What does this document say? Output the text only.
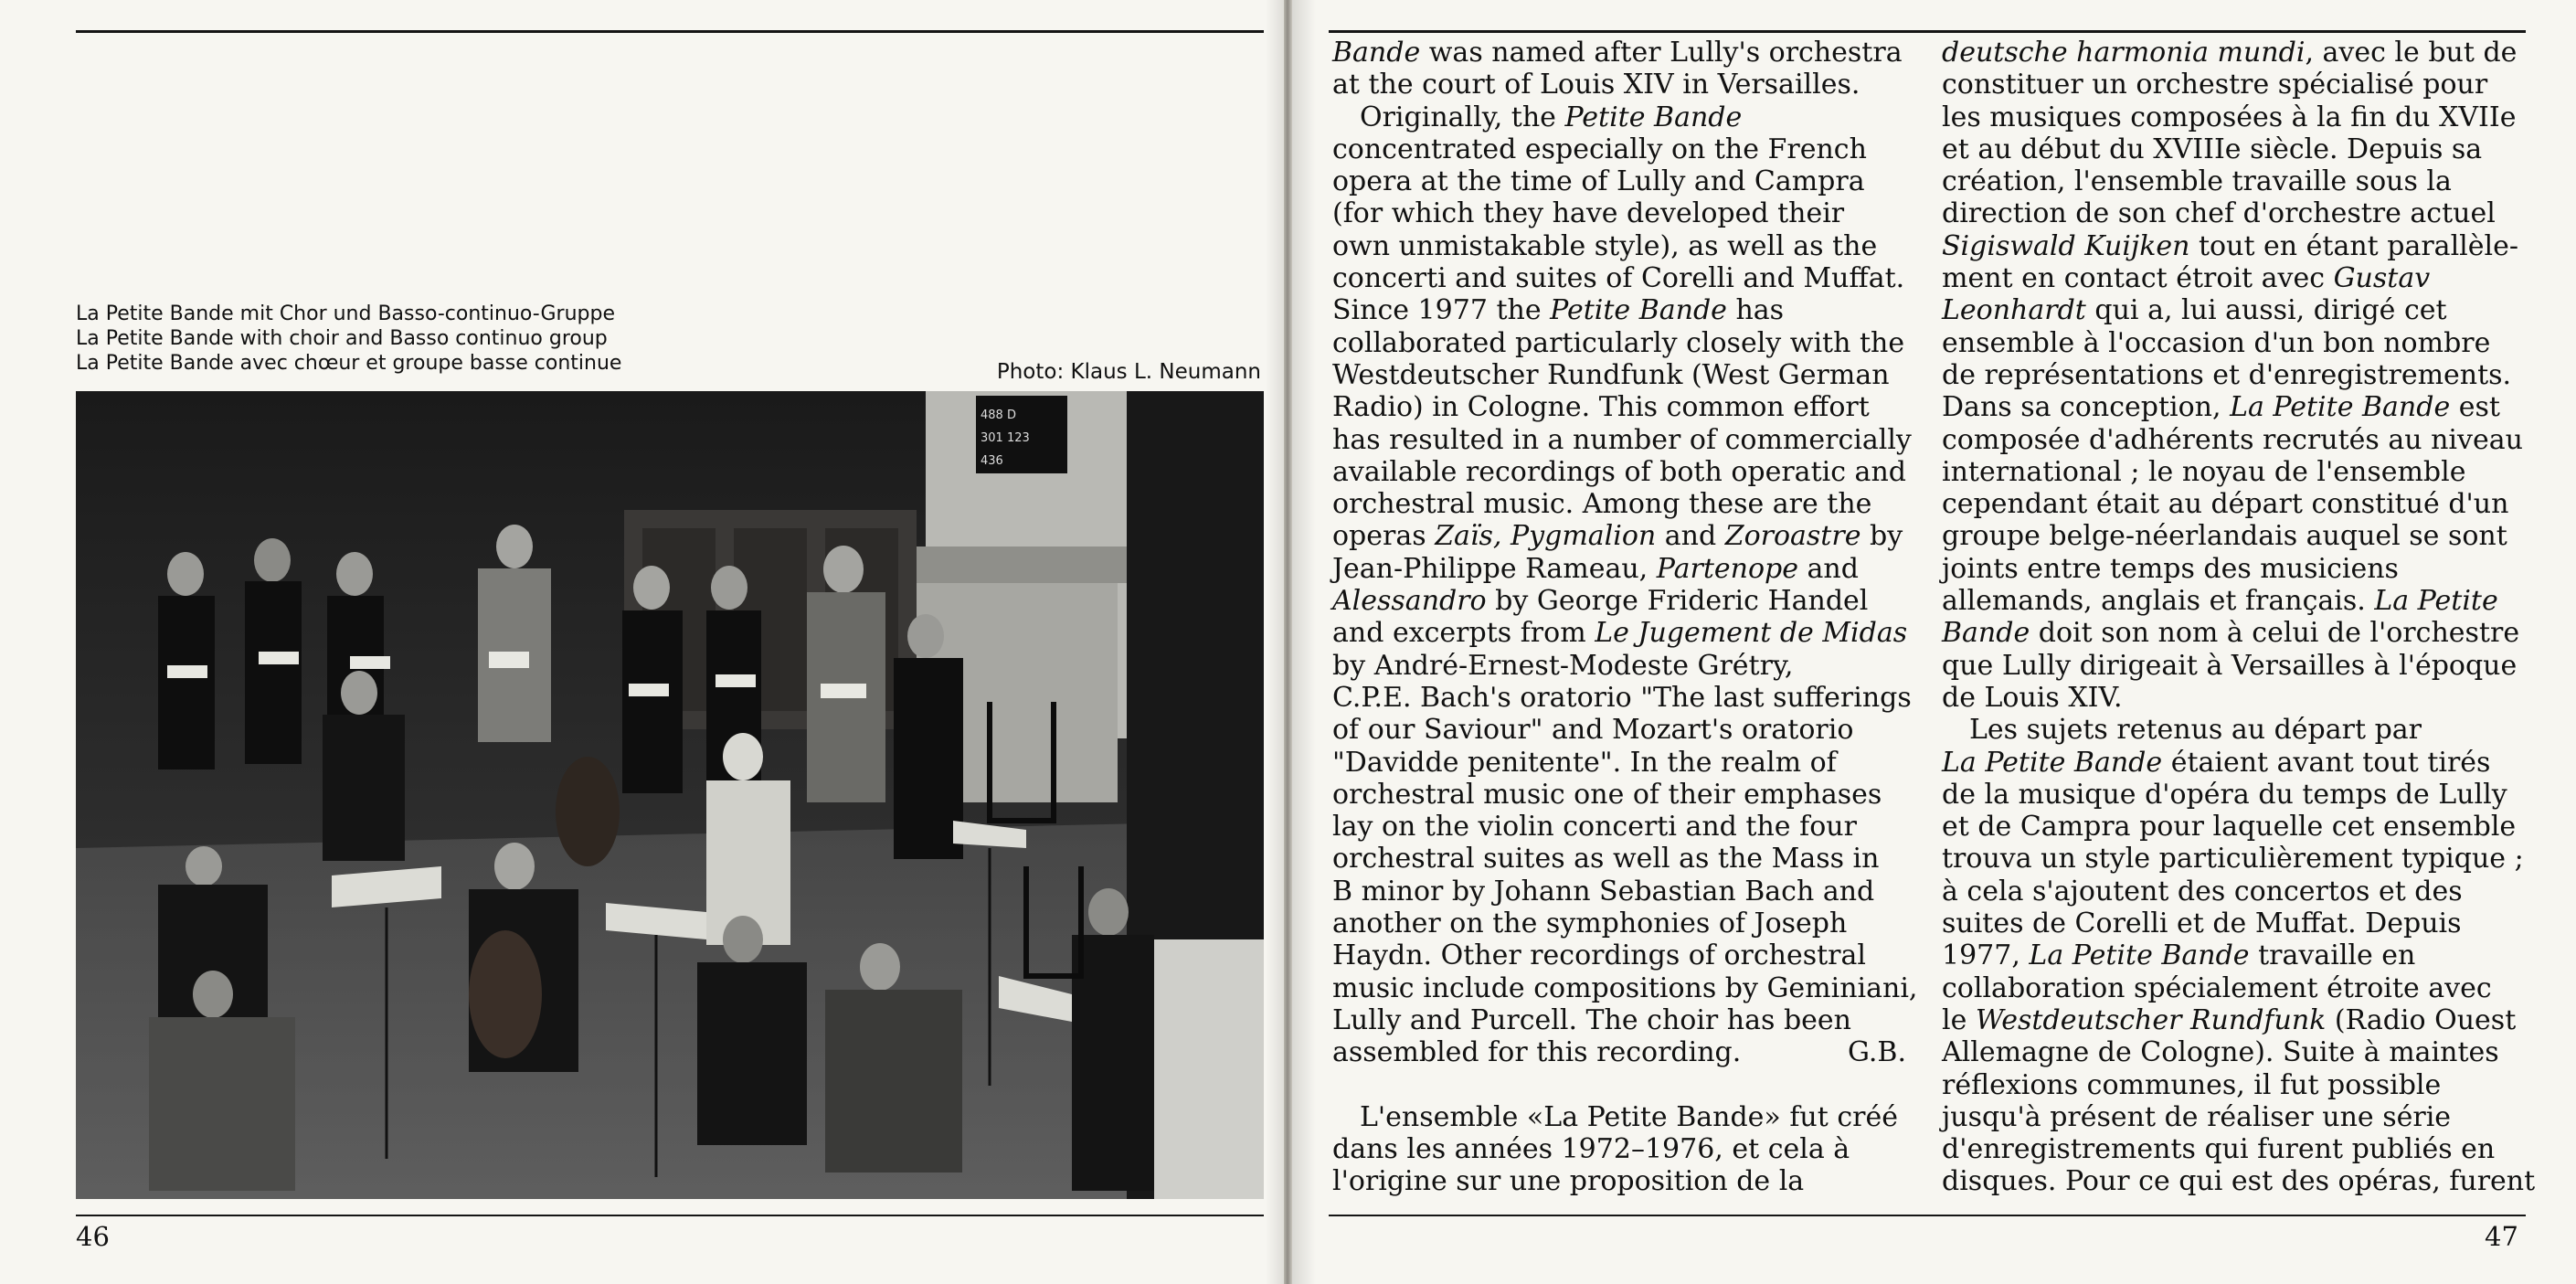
La Petite Bande mit Chor und Basso-continuo-Gruppe
La Petite Bande with choir and Basso continuo group
La Petite Bande avec chœur et groupe basse continue	Photo: Klaus L. Neumann
488 D
301 123
436
46	47
Bande was named after Lully's orchestra
at the court of Louis XIV in Versailles.
Originally, the Petite Bande
concentrated especially on the French
opera at the time of Lully and Campra
(for which they have developed their
own unmistakable style), as well as the
concerti and suites of Corelli and Muffat.
Since 1977 the Petite Bande has
collaborated particularly closely with the
Westdeutscher Rundfunk (West German
Radio) in Cologne. This common effort
has resulted in a number of commercially
available recordings of both operatic and
orchestral music. Among these are the
operas Zaïs, Pygmalion and Zoroastre by
Jean-Philippe Rameau, Partenope and
Alessandro by George Frideric Handel
and excerpts from Le Jugement de Midas
by André-Ernest-Modeste Grétry,
C.P.E. Bach's oratorio "The last sufferings
of our Saviour" and Mozart's oratorio
"Davidde penitente". In the realm of
orchestral music one of their emphases
lay on the violin concerti and the four
orchestral suites as well as the Mass in
B minor by Johann Sebastian Bach and
another on the symphonies of Joseph
Haydn. Other recordings of orchestral
music include compositions by Geminiani,
Lully and Purcell. The choir has been
assembled for this recording.	G.B.
L'ensemble «La Petite Bande» fut créé
dans les années 1972–1976, et cela à
l'origine sur une proposition de la
deutsche harmonia mundi, avec le but de
constituer un orchestre spécialisé pour
les musiques composées à la fin du XVIIe
et au début du XVIIIe siècle. Depuis sa
création, l'ensemble travaille sous la
direction de son chef d'orchestre actuel
Sigiswald Kuijken tout en étant parallèle-
ment en contact étroit avec Gustav
Leonhardt qui a, lui aussi, dirigé cet
ensemble à l'occasion d'un bon nombre
de représentations et d'enregistrements.
Dans sa conception, La Petite Bande est
composée d'adhérents recrutés au niveau
international ; le noyau de l'ensemble
cependant était au départ constitué d'un
groupe belge-néerlandais auquel se sont
joints entre temps des musiciens
allemands, anglais et français. La Petite
Bande doit son nom à celui de l'orchestre
que Lully dirigeait à Versailles à l'époque
de Louis XIV.
Les sujets retenus au départ par
La Petite Bande étaient avant tout tirés
de la musique d'opéra du temps de Lully
et de Campra pour laquelle cet ensemble
trouva un style particulièrement typique ;
à cela s'ajoutent des concertos et des
suites de Corelli et de Muffat. Depuis
1977, La Petite Bande travaille en
collaboration spécialement étroite avec
le Westdeutscher Rundfunk (Radio Ouest
Allemagne de Cologne). Suite à maintes
réflexions communes, il fut possible
jusqu'à présent de réaliser une série
d'enregistrements qui furent publiés en
disques. Pour ce qui est des opéras, furent
